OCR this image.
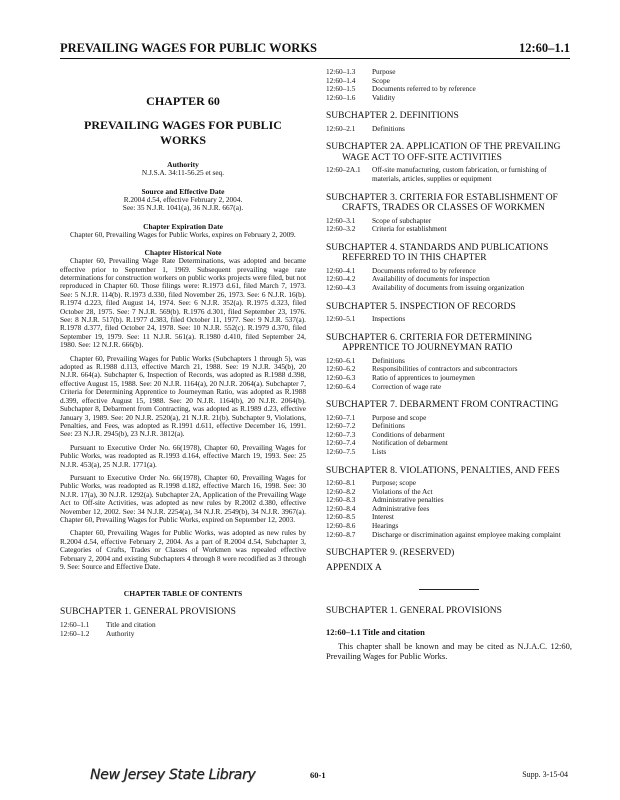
PREVAILING WAGES FOR PUBLIC WORKS	12:60–1.1
CHAPTER 60
PREVAILING WAGES FOR PUBLIC WORKS
Authority
N.J.S.A. 34:11-56.25 et seq.
Source and Effective Date
R.2004 d.54, effective February 2, 2004.
See: 35 N.J.R. 1041(a), 36 N.J.R. 667(a).
Chapter Expiration Date

Chapter 60, Prevailing Wages for Public Works, expires on February 2, 2009.

Chapter Historical Note

Chapter 60, Prevailing Wage Rate Determinations, was adopted and became effective prior to September 1, 1969. Subsequent prevailing wage rate determinations for construction workers on public works projects were filed, but not reproduced in Chapter 60. Those filings were: R.1973 d.61, filed March 7, 1973. See: 5 N.J.R. 114(b). R.1973 d.330, filed November 26, 1973. See: 6 N.J.R. 16(b). R.1974 d.223, filed August 14, 1974. See: 6 N.J.R. 352(a). R.1975 d.323, filed October 28, 1975. See: 7 N.J.R. 569(b). R.1976 d.301, filed September 23, 1976. See: 8 N.J.R. 517(b). R.1977 d.383, filed October 11, 1977. See: 9 N.J.R. 537(a). R.1978 d.377, filed October 24, 1978. See: 10 N.J.R. 552(c). R.1979 d.370, filed September 19, 1979. See: 11 N.J.R. 561(a). R.1980 d.410, filed September 24, 1980. See: 12 N.J.R. 666(b).

Chapter 60, Prevailing Wages for Public Works (Subchapters 1 through 5), was adopted as R.1988 d.113, effective March 21, 1988. See: 19 N.J.R. 345(b), 20 N.J.R. 664(a). Subchapter 6, Inspection of Records, was adopted as R.1988 d.398, effective August 15, 1988. See: 20 N.J.R. 1164(a), 20 N.J.R. 2064(a). Subchapter 7, Criteria for Determining Apprentice to Journeyman Ratio, was adopted as R.1988 d.399, effective August 15, 1988. See: 20 N.J.R. 1164(b), 20 N.J.R. 2064(b). Subchapter 8, Debarment from Contracting, was adopted as R.1989 d.23, effective January 3, 1989. See: 20 N.J.R. 2520(a), 21 N.J.R. 21(b). Subchapter 9, Violations, Penalties, and Fees, was adopted as R.1991 d.611, effective December 16, 1991. See: 23 N.J.R. 2945(b), 23 N.J.R. 3812(a).

Pursuant to Executive Order No. 66(1978), Chapter 60, Prevailing Wages for Public Works, was readopted as R.1993 d.164, effective March 19, 1993. See: 25 N.J.R. 453(a), 25 N.J.R. 1771(a).

Pursuant to Executive Order No. 66(1978), Chapter 60, Prevailing Wages for Public Works, was readopted as R.1998 d.182, effective March 16, 1998. See: 30 N.J.R. 17(a), 30 N.J.R. 1292(a). Subchapter 2A, Application of the Prevailing Wage Act to Off-site Activities, was adopted as new rules by R.2002 d.380, effective November 12, 2002. See: 34 N.J.R. 2254(a), 34 N.J.R. 2549(b), 34 N.J.R. 3967(a). Chapter 60, Prevailing Wages for Public Works, expired on September 12, 2003.

Chapter 60, Prevailing Wages for Public Works, was adopted as new rules by R.2004 d.54, effective February 2, 2004. As a part of R.2004 d.54, Subchapter 3, Categories of Crafts, Trades or Classes of Workmen was repealed effective February 2, 2004 and existing Subchapters 4 through 8 were recodified as 3 through 9. See: Source and Effective Date.

CHAPTER TABLE OF CONTENTS
SUBCHAPTER 1. GENERAL PROVISIONS
12:60–1.1	Title and citation
12:60–1.2	Authority
12:60–1.3	Purpose
12:60–1.4	Scope
12:60–1.5	Documents referred to by reference
12:60–1.6	Validity
SUBCHAPTER 2. DEFINITIONS
12:60–2.1	Definitions
SUBCHAPTER 2A. APPLICATION OF THE PREVAILING WAGE ACT TO OFF-SITE ACTIVITIES
12:60–2A.1	Off-site manufacturing, custom fabrication, or furnishing of materials, articles, supplies or equipment
SUBCHAPTER 3. CRITERIA FOR ESTABLISHMENT OF CRAFTS, TRADES OR CLASSES OF WORKMEN
12:60–3.1	Scope of subchapter
12:60–3.2	Criteria for establishment
SUBCHAPTER 4. STANDARDS AND PUBLICATIONS REFERRED TO IN THIS CHAPTER
12:60–4.1	Documents referred to by reference
12:60–4.2	Availability of documents for inspection
12:60–4.3	Availability of documents from issuing organization
SUBCHAPTER 5. INSPECTION OF RECORDS
12:60–5.1	Inspections
SUBCHAPTER 6. CRITERIA FOR DETERMINING APPRENTICE TO JOURNEYMAN RATIO
12:60–6.1	Definitions
12:60–6.2	Responsibilities of contractors and subcontractors
12:60–6.3	Ratio of apprentices to journeymen
12:60–6.4	Correction of wage rate
SUBCHAPTER 7. DEBARMENT FROM CONTRACTING
12:60–7.1	Purpose and scope
12:60–7.2	Definitions
12:60–7.3	Conditions of debarment
12:60–7.4	Notification of debarment
12:60–7.5	Lists
SUBCHAPTER 8. VIOLATIONS, PENALTIES, AND FEES
12:60–8.1	Purpose; scope
12:60–8.2	Violations of the Act
12:60–8.3	Administrative penalties
12:60–8.4	Administrative fees
12:60–8.5	Interest
12:60–8.6	Hearings
12:60–8.7	Discharge or discrimination against employee making complaint
SUBCHAPTER 9. (RESERVED)
APPENDIX A
SUBCHAPTER 1. GENERAL PROVISIONS
12:60–1.1 Title and citation
This chapter shall be known and may be cited as N.J.A.C. 12:60, Prevailing Wages for Public Works.
New Jersey State Library	60-1	Supp. 3-15-04
